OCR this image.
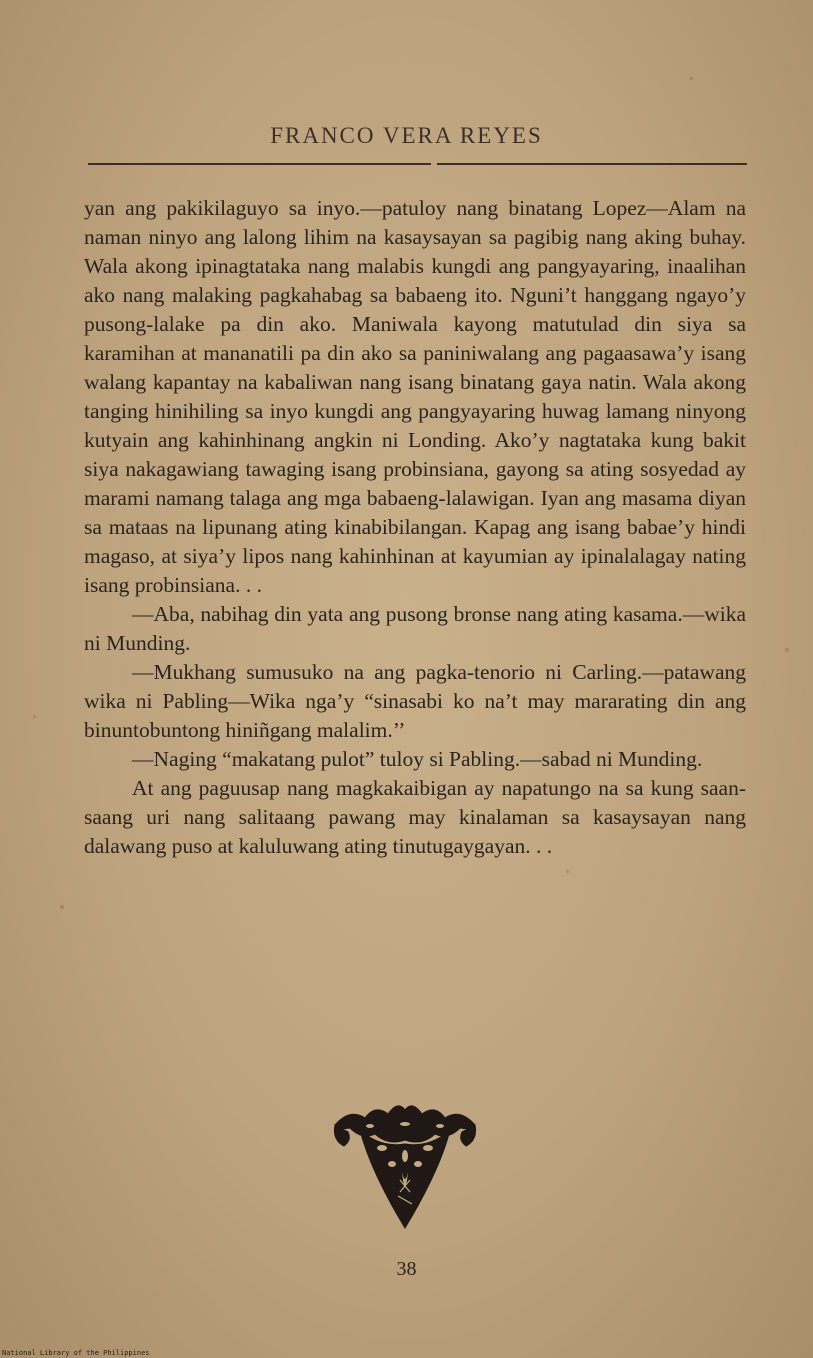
FRANCO VERA REYES

yan ang pakikilaguyo sa inyo.—patuloy nang binatang Lopez—Alam na naman ninyo ang lalong lihim na kasaysayan sa pagibig nang aking buhay. Wala akong ipinagtataka nang malabis kungdi ang pangyayaring, inaalihan ako nang malaking pagkahabag sa babaeng ito. Nguni’t hanggang ngayo’y pusong-lalake pa din ako. Maniwala kayong matutulad din siya sa karamihan at mananatili pa din ako sa paniniwalang ang pagaasawa’y isang walang kapantay na kabaliwan nang isang binatang gaya natin. Wala akong tanging hinihiling sa inyo kungdi ang pangyayaring huwag lamang ninyong kutyain ang kahinhinang angkin ni Londing. Ako’y nagtataka kung bakit siya nakagawiang tawaging isang probinsiana, gayong sa ating sosyedad ay marami namang talaga ang mga babaeng-lalawigan. Iyan ang masama diyan sa mataas na lipunang ating kinabibilangan. Kapag ang isang babae’y hindi magaso, at siya’y lipos nang kahinhinan at kayumian ay ipinalalagay nating isang probinsiana. . .

—Aba, nabihag din yata ang pusong bronse nang ating kasama.—wika ni Munding.

—Mukhang sumusuko na ang pagka-tenorio ni Carling.—patawang wika ni Pabling—Wika nga’y “sinasabi ko na’t may mararating din ang binuntobuntong hiniñgang malalim.’’

—Naging “makatang pulot” tuloy si Pabling.—sabad ni Munding.

At ang paguusap nang magkakaibigan ay napatungo na sa kung saan-saang uri nang salitaang pawang may kinalaman sa kasaysayan nang dalawang puso at kaluluwang ating tinutugaygayan. . .

38
National Library of the Philippines
